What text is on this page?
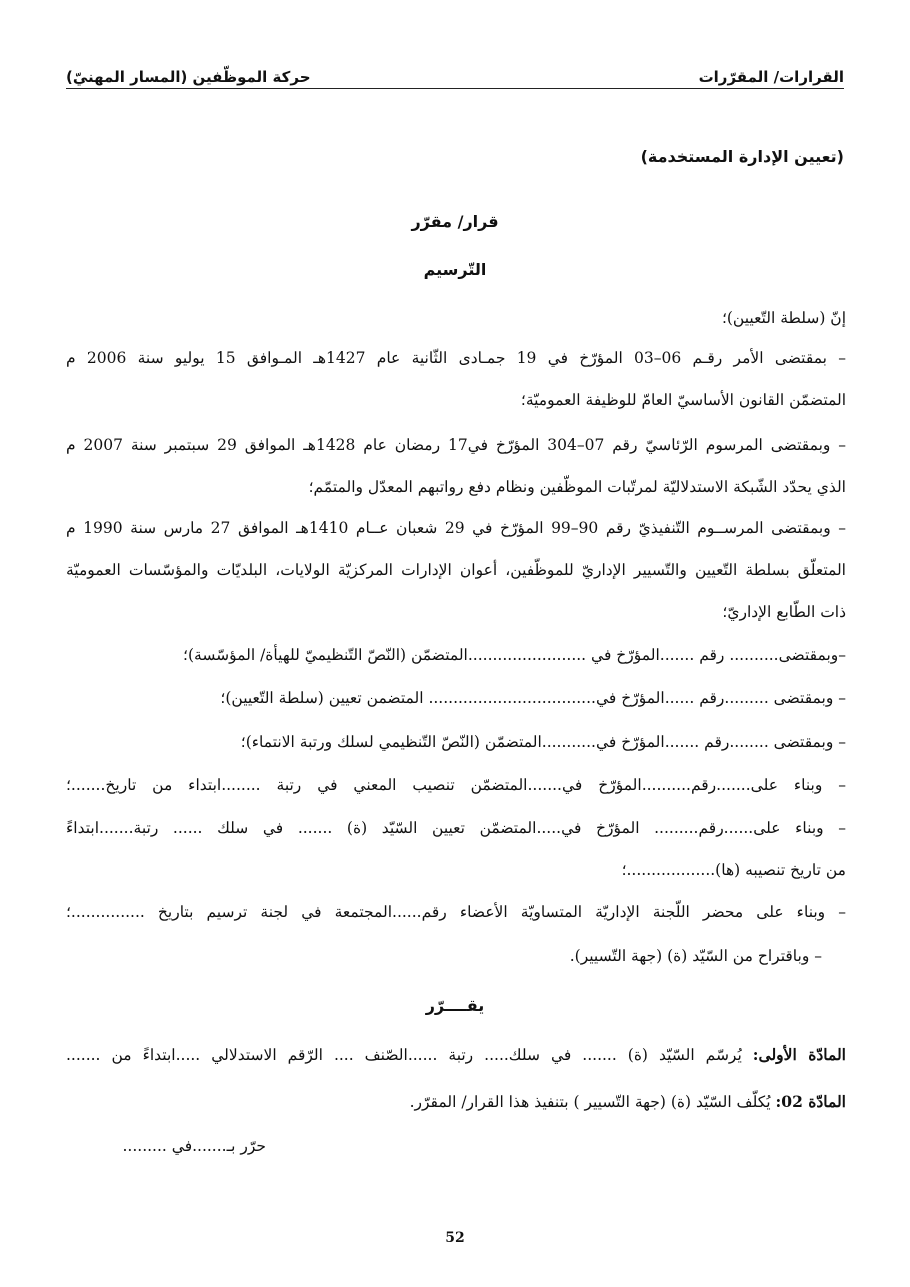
القرارات/ المقرّرات
حركة الموظّفين (المسار المهنيّ)
(تعيين الإدارة المستخدمة)
قرار/ مقرّر
التّرسيم
إنّ (سلطة التّعيين)؛
– بمقتضى الأمر رقـم 06–03 المؤرّخ في 19 جمـادى الثّانية عام 1427هـ المـوافق 15 يوليو سنة 2006 م
المتضمّن القانون الأساسيّ العامّ للوظيفة العموميّة؛
– وبمقتضى المرسوم الرّئاسيّ رقم 07–304 المؤرّخ في17 رمضان عام 1428هـ الموافق 29 سبتمبر سنة 2007 م
الذي يحدّد الشّبكة الاستدلاليّة لمرتّبات الموظّفين ونظام دفع رواتبهم المعدّل والمتمّم؛
– وبمقتضى المرســوم التّنفيذيّ رقم 90–99 المؤرّخ في 29 شعبان عــام 1410هـ الموافق 27 مارس سنة 1990 م
المتعلّق بسلطة التّعيين والتّسيير الإداريّ للموظّفين، أعوان الإدارات المركزيّة الولايات، البلديّات والمؤسّسات العموميّة
ذات الطّابع الإداريّ؛
–وبمقتضى.......... رقم .......المؤرّخ في ........................المتضمّن (النّصّ التّنظيميّ للهيأة/ المؤسّسة)؛
– وبمقتضى .........رقم ......المؤرّخ في.................................. المتضمن تعيين (سلطة التّعيين)؛
– وبمقتضى ........رقم .......المؤرّخ في...........المتضمّن (النّصّ التّنظيمي لسلك ورتبة الانتماء)؛
– وبناء على.......رقم..........المؤرّخ في.......المتضمّن تنصيب المعني في رتبة ........ابتداء من تاريخ.......؛
– وبناء على......رقم......... المؤرّخ في.....المتضمّن تعيين السّيّد (ة) ....... في سلك ...... رتبة.......ابتداءً
من تاريخ تنصيبه (ها)..................؛
– وبناء على محضر اللّجنة الإداريّة المتساويّة الأعضاء رقم......المجتمعة في لجنة ترسيم بتاريخ ...............؛
– وباقتراح من السّيّد (ة) (جهة التّسيير).
يقــــرّر
المادّة الأولى: يُرسّم السّيّد (ة) ....... في سلك..... رتبة ......الصّنف .... الرّقم الاستدلالي .....ابتداءً من .......
المادّة 02: يُكلّف السّيّد (ة) (جهة التّسيير ) بتنفيذ هذا القرار/ المقرّر.
حرّر بـ.......في .........
52
